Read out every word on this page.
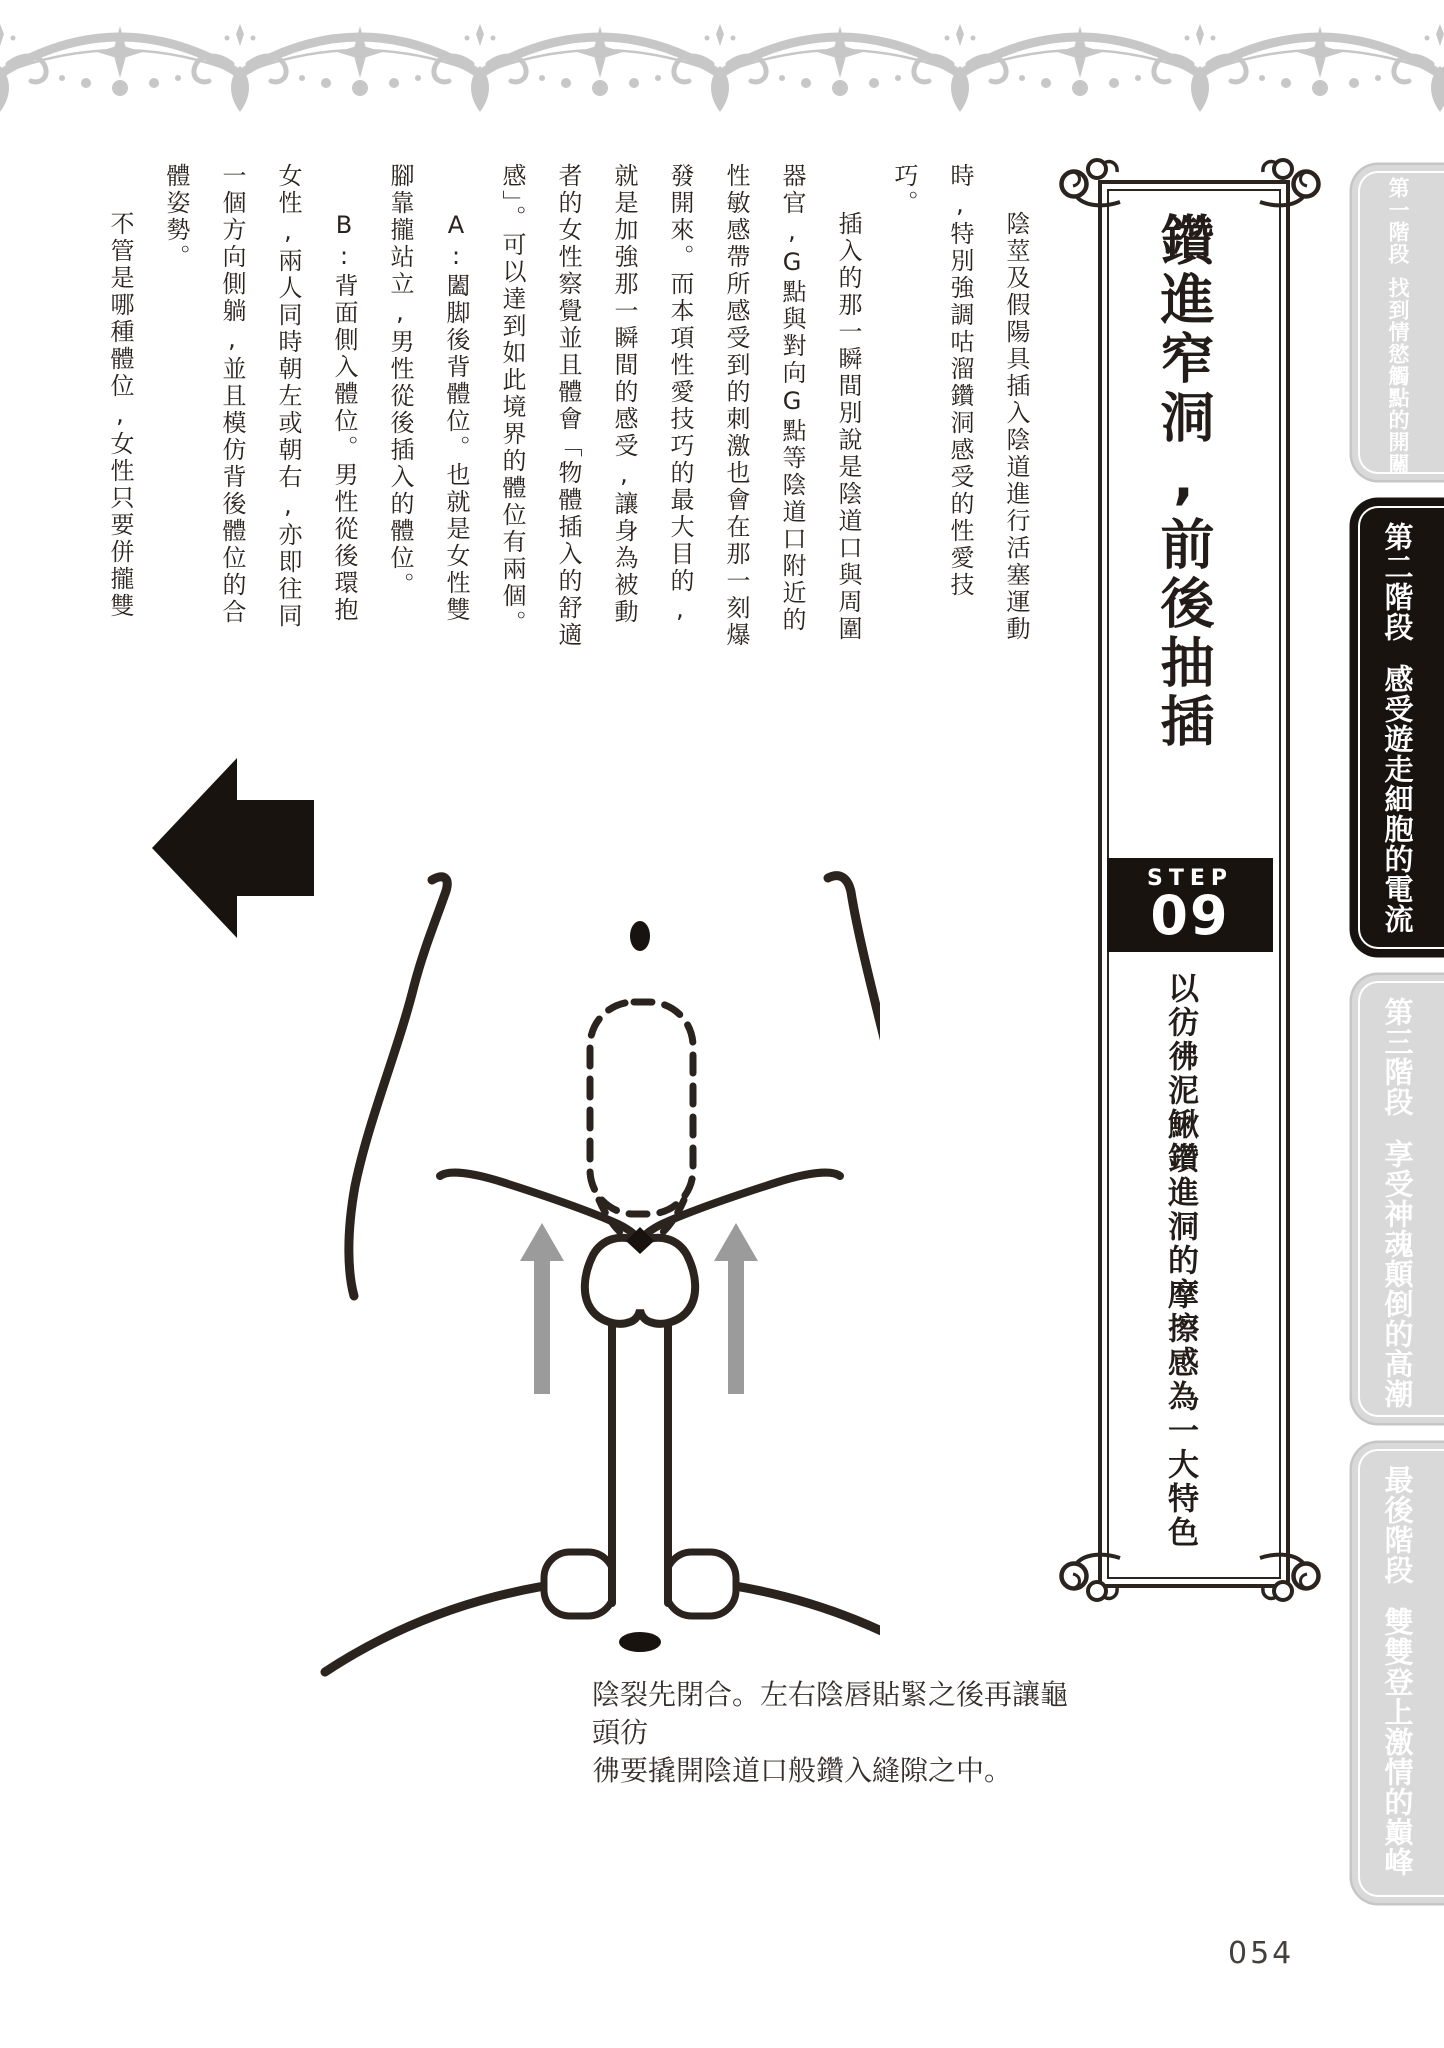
陰莖及假陽具插入陰道進行活塞運動時,特別強調咕溜鑽洞感受的性愛技巧。

插入的那一瞬間別說是陰道口與周圍器官,G點與對向G點等陰道口附近的性敏感帶所感受到的刺激也會在那一刻爆發開來。而本項性愛技巧的最大目的,就是加強那一瞬間的感受,讓身為被動者的女性察覺並且體會「物體插入的舒適感」。可以達到如此境界的體位有兩個。

A:闔脚後背體位。也就是女性雙腳靠攏站立,男性從後插入的體位。

B:背面側入體位。男性從後環抱女性,兩人同時朝左或朝右,亦即往同一個方向側躺,並且模仿背後體位的合體姿勢。

不管是哪種體位,女性只要併攏雙	鑽進窄洞,前後抽插
STEP
09
以彷彿泥鰍鑽進洞的摩擦感為一大特色
第一階段找到情慾觸點的開關
第二階段感受遊走細胞的電流
第三階段享受神魂顛倒的高潮
最後階段雙雙登上激情的巔峰
陰裂先閉合。左右陰唇貼緊之後再讓龜頭彷
彿要撬開陰道口般鑽入縫隙之中。
054
